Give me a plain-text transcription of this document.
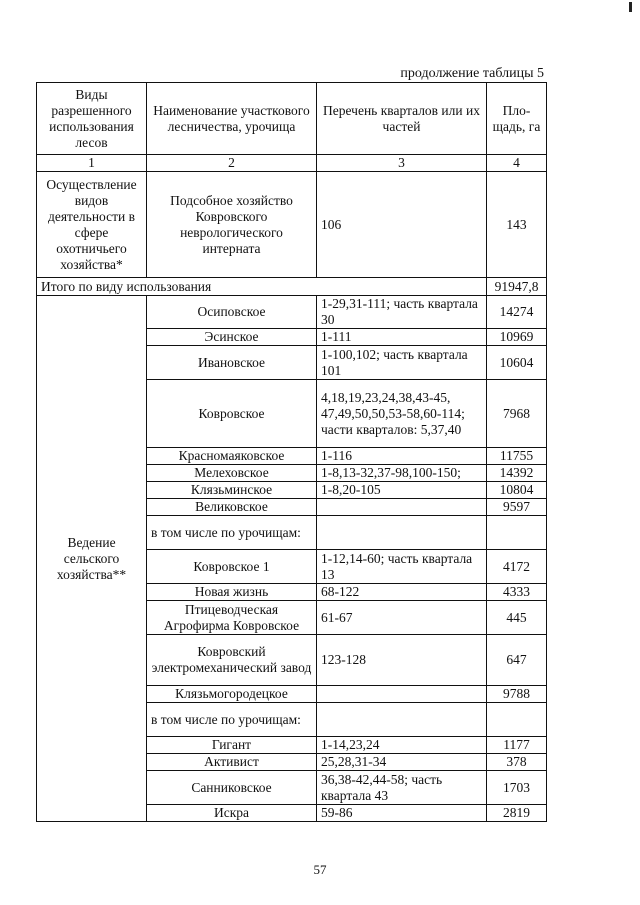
продолжение таблицы 5
Виды разрешенного использования лесов	Наименование участкового лесничества, урочища	Перечень кварталов или их частей	Пло-щадь, га
1	2	3	4
Осуществление видов деятельности в сфере охотничьего хозяйства*	Подсобное хозяйство Ковровского неврологического интерната	106	143
Итого по виду использования			91947,8
Ведение сельского хозяйства**	Осиповское	1-29,31-111; часть квартала 30	14274
	Эсинское	1-111	10969
	Ивановское	1-100,102; часть квартала 101	10604
	Ковровское	4,18,19,23,24,38,43-45, 47,49,50,50,53-58,60-114; части кварталов: 5,37,40	7968
	Красномаяковское	1-116	11755
	Мелеховское	1-8,13-32,37-98,100-150;	14392
	Клязьминское	1-8,20-105	10804
	Великовское		9597
	в том числе по урочищам:		
	Ковровское 1	1-12,14-60; часть квартала 13	4172
	Новая жизнь	68-122	4333
	Птицеводческая Агрофирма Ковровское	61-67	445
	Ковровский электромеханический завод	123-128	647
	Клязьмогородецкое		9788
	в том числе по урочищам:		
	Гигант	1-14,23,24	1177
	Активист	25,28,31-34	378
	Санниковское	36,38-42,44-58; часть квартала 43	1703
	Искра	59-86	2819
57
